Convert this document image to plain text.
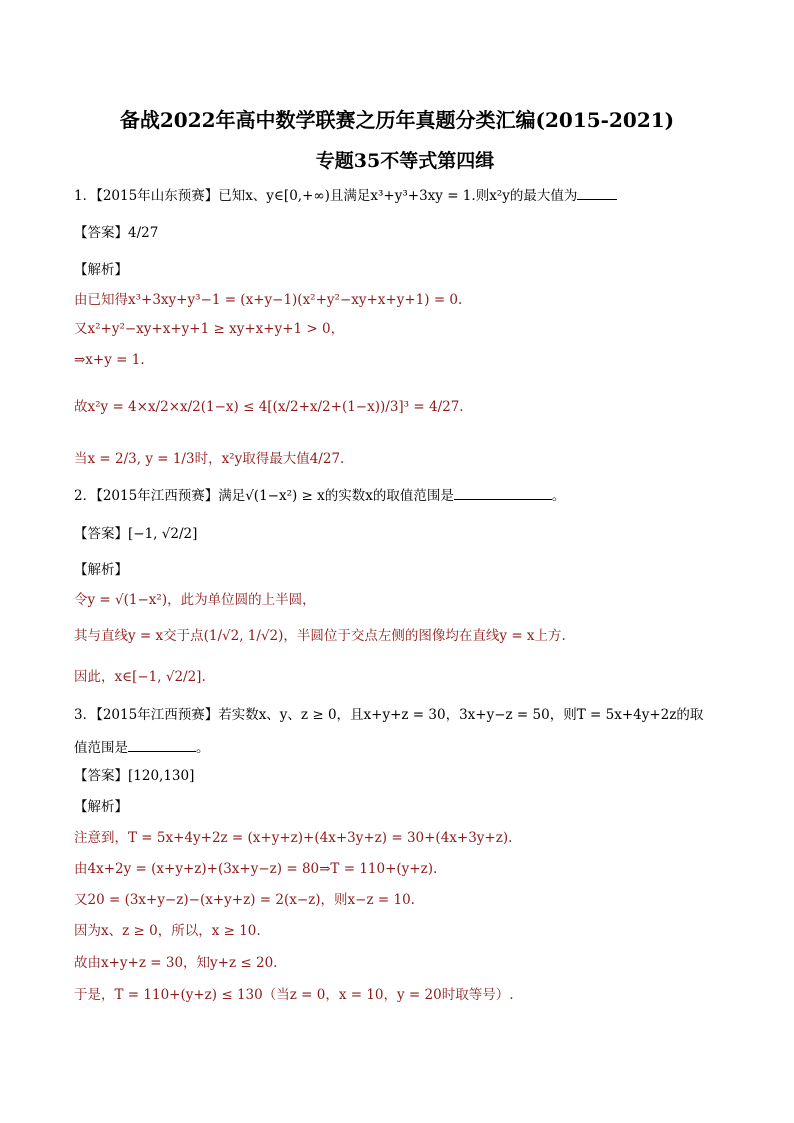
备战2022年高中数学联赛之历年真题分类汇编(2015-2021)
专题35不等式第四缉
1．【2015年山东预赛】已知x、y∈[0,+∞)且满足x³+y³+3xy = 1.则x²y的最大值为
【答案】4/27
【解析】
由已知得x³+3xy+y³−1 = (x+y−1)(x²+y²−xy+x+y+1) = 0.
又x²+y²−xy+x+y+1 ≥ xy+x+y+1 > 0，
⇒x+y = 1.
故x²y = 4×x/2×x/2(1−x) ≤ 4[(x/2+x/2+(1−x))/3]³ = 4/27.
当x = 2/3, y = 1/3时，x²y取得最大值4/27.
2．【2015年江西预赛】满足√(1−x²) ≥ x的实数x的取值范围是	。
【答案】[−1, √2/2]
【解析】
令y = √(1−x²)，此为单位圆的上半圆，
其与直线y = x交于点(1/√2, 1/√2)，半圆位于交点左侧的图像均在直线y = x上方.
因此，x∈[−1, √2/2].
3．【2015年江西预赛】若实数x、y、z ≥ 0，且x+y+z = 30，3x+y−z = 50，则T = 5x+4y+2z的取
值范围是	。
【答案】[120,130]
【解析】
注意到，T = 5x+4y+2z = (x+y+z)+(4x+3y+z) = 30+(4x+3y+z).
由4x+2y = (x+y+z)+(3x+y−z) = 80⇒T = 110+(y+z).
又20 = (3x+y−z)−(x+y+z) = 2(x−z)，则x−z = 10.
因为x、z ≥ 0，所以，x ≥ 10.
故由x+y+z = 30，知y+z ≤ 20.
于是，T = 110+(y+z) ≤ 130（当z = 0，x = 10，y = 20时取等号）.
